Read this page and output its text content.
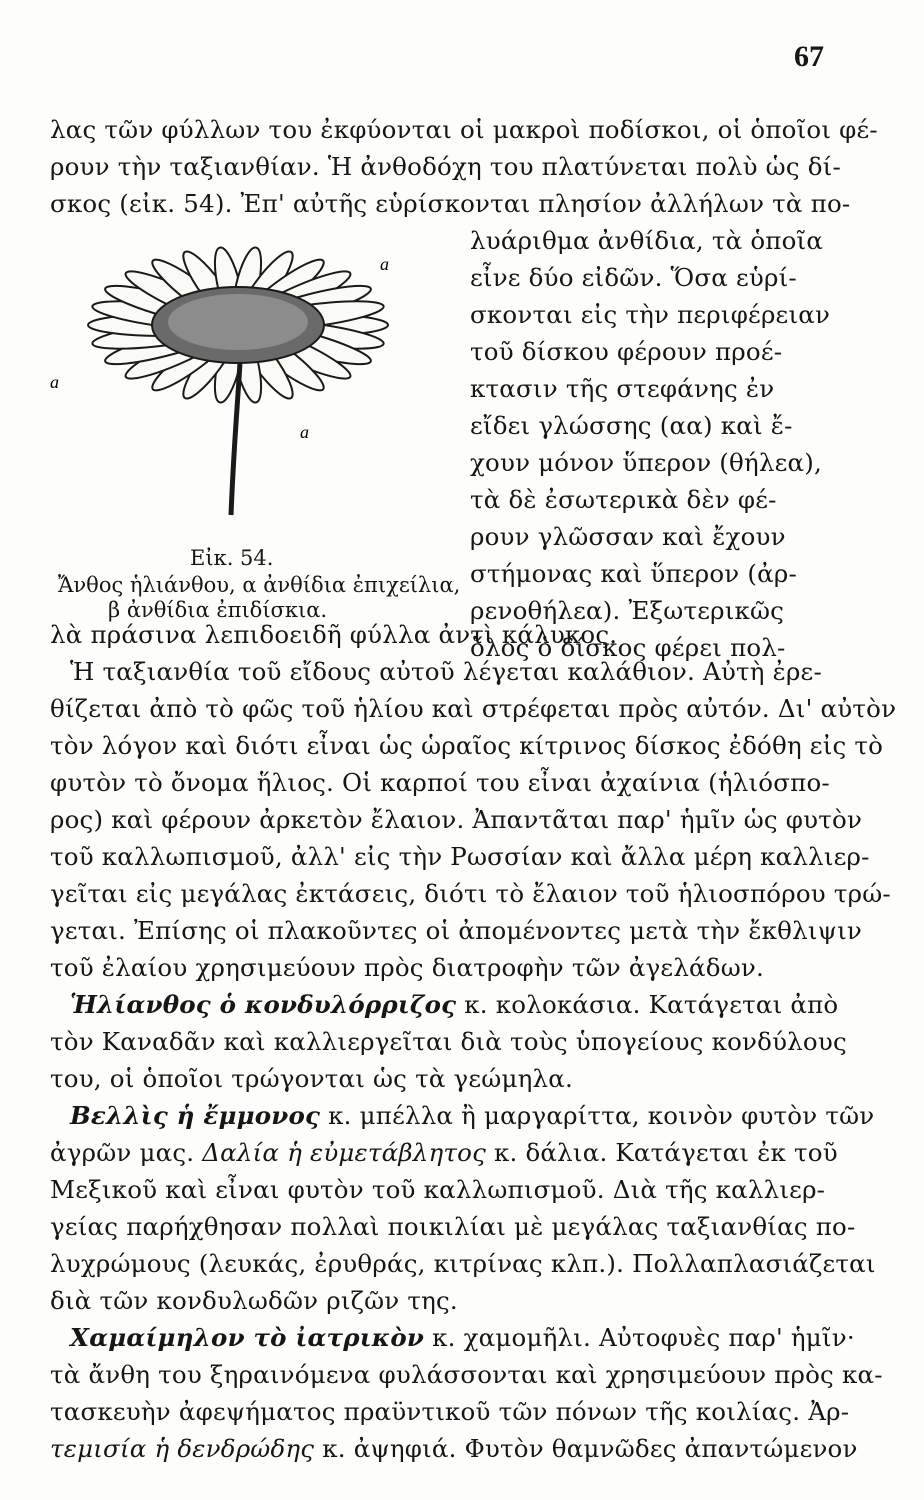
67
λας τῶν φύλλων του ἐκφύονται οἱ μακροὶ ποδίσκοι, οἱ ὁποῖοι φέ-
ρουν τὴν ταξιανθίαν. Ἡ ἀνθοδόχη του πλατύνεται πολὺ ὡς δί-
σκος (εἰκ. 54). Ἐπ' αὐτῆς εὑρίσκονται πλησίον ἀλλήλων τὰ πο-
λυάριθμα ἀνθίδια, τὰ ὁποῖα
εἶνε δύο εἰδῶν. Ὅσα εὑρί-
σκονται εἰς τὴν περιφέρειαν
τοῦ δίσκου φέρουν προέ-
κτασιν τῆς στεφάνης ἐν
εἴδει γλώσσης (αα) καὶ ἔ-
χουν μόνον ὕπερον (θήλεα),
τὰ δὲ ἐσωτερικὰ δὲν φέ-
ρουν γλῶσσαν καὶ ἔχουν
στήμονας καὶ ὕπερον (ἀρ-
ρενοθήλεα). Ἐξωτερικῶς
ὅλος ὁ δίσκος φέρει πολ-
a
a
a
Εἰκ. 54.
Ἄνθος ἡλιάνθου, α ἀνθίδια ἐπιχείλια,
β ἀνθίδια ἐπιδίσκια.
λὰ πράσινα λεπιδοειδῆ φύλλα ἀντὶ κάλυκος.
Ἡ ταξιανθία τοῦ εἴδους αὐτοῦ λέγεται καλάθιον. Αὐτὴ ἐρε-
θίζεται ἀπὸ τὸ φῶς τοῦ ἡλίου καὶ στρέφεται πρὸς αὐτόν. Δι' αὐτὸν
τὸν λόγον καὶ διότι εἶναι ὡς ὡραῖος κίτρινος δίσκος ἐδόθη εἰς τὸ
φυτὸν τὸ ὄνομα ἥλιος. Οἱ καρποί του εἶναι ἀχαίνια (ἡλιόσπο-
ρος) καὶ φέρουν ἀρκετὸν ἔλαιον. Ἀπαντᾶται παρ' ἡμῖν ὡς φυτὸν
τοῦ καλλωπισμοῦ, ἀλλ' εἰς τὴν Ρωσσίαν καὶ ἄλλα μέρη καλλιερ-
γεῖται εἰς μεγάλας ἐκτάσεις, διότι τὸ ἔλαιον τοῦ ἡλιοσπόρου τρώ-
γεται. Ἐπίσης οἱ πλακοῦντες οἱ ἀπομένοντες μετὰ τὴν ἔκθλιψιν
τοῦ ἐλαίου χρησιμεύουν πρὸς διατροφὴν τῶν ἀγελάδων.
Ἡλίανθος ὁ κονδυλόρριζος κ. κολοκάσια. Κατάγεται ἀπὸ
τὸν Καναδᾶν καὶ καλλιεργεῖται διὰ τοὺς ὑπογείους κονδύλους
του, οἱ ὁποῖοι τρώγονται ὡς τὰ γεώμηλα.
Βελλὶς ἡ ἔμμονος κ. μπέλλα ἢ μαργαρίττα, κοινὸν φυτὸν τῶν
ἀγρῶν μας. Δαλία ἡ εὐμετάβλητος κ. δάλια. Κατάγεται ἐκ τοῦ
Μεξικοῦ καὶ εἶναι φυτὸν τοῦ καλλωπισμοῦ. Διὰ τῆς καλλιερ-
γείας παρήχθησαν πολλαὶ ποικιλίαι μὲ μεγάλας ταξιανθίας πο-
λυχρώμους (λευκάς, ἐρυθράς, κιτρίνας κλπ.). Πολλαπλασιάζεται
διὰ τῶν κονδυλωδῶν ριζῶν της.
Χαμαίμηλον τὸ ἰατρικὸν κ. χαμομῆλι. Αὐτοφυὲς παρ' ἡμῖν·
τὰ ἄνθη του ξηραινόμενα φυλάσσονται καὶ χρησιμεύουν πρὸς κα-
τασκευὴν ἀφεψήματος πραϋντικοῦ τῶν πόνων τῆς κοιλίας. Ἀρ-
τεμισία ἡ δενδρώδης κ. ἀψηφιά. Φυτὸν θαμνῶδες ἀπαντώμενον
